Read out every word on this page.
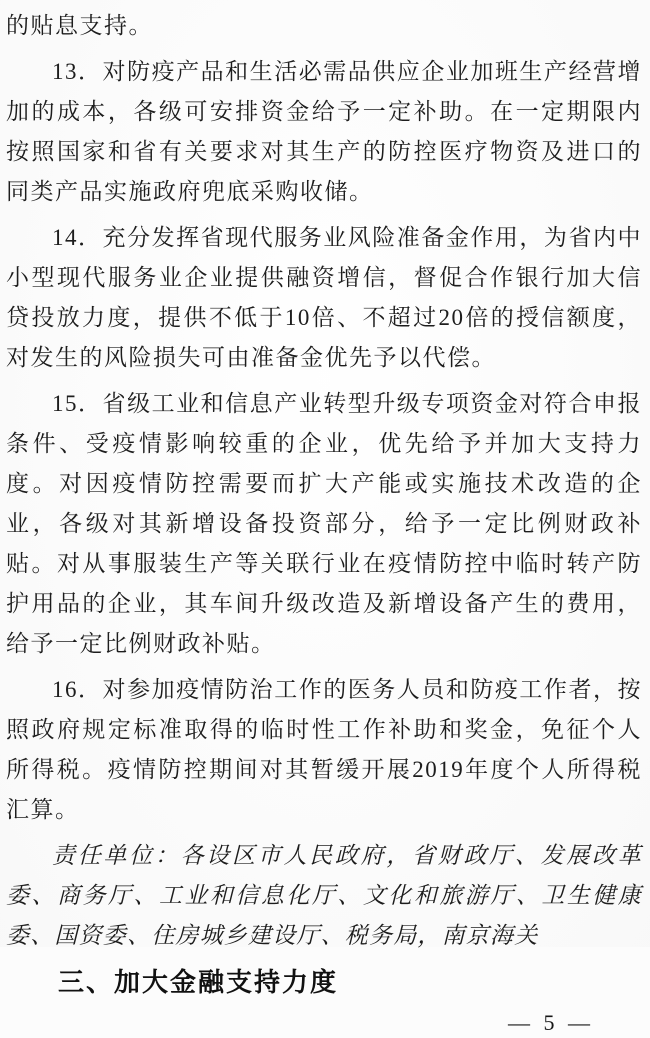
的贴息支持。

13．对防疫产品和生活必需品供应企业加班生产经营增加的成本，各级可安排资金给予一定补助。在一定期限内按照国家和省有关要求对其生产的防控医疗物资及进口的同类产品实施政府兜底采购收储。

14．充分发挥省现代服务业风险准备金作用，为省内中小型现代服务业企业提供融资增信，督促合作银行加大信贷投放力度，提供不低于10倍、不超过20倍的授信额度，对发生的风险损失可由准备金优先予以代偿。

15．省级工业和信息产业转型升级专项资金对符合申报条件、受疫情影响较重的企业，优先给予并加大支持力度。对因疫情防控需要而扩大产能或实施技术改造的企业，各级对其新增设备投资部分，给予一定比例财政补贴。对从事服装生产等关联行业在疫情防控中临时转产防护用品的企业，其车间升级改造及新增设备产生的费用，给予一定比例财政补贴。

16．对参加疫情防治工作的医务人员和防疫工作者，按照政府规定标准取得的临时性工作补助和奖金，免征个人所得税。疫情防控期间对其暂缓开展2019年度个人所得税汇算。

责任单位：各设区市人民政府，省财政厅、发展改革委、商务厅、工业和信息化厅、文化和旅游厅、卫生健康委、国资委、住房城乡建设厅、税务局，南京海关

三、加大金融支持力度

— 5 —
